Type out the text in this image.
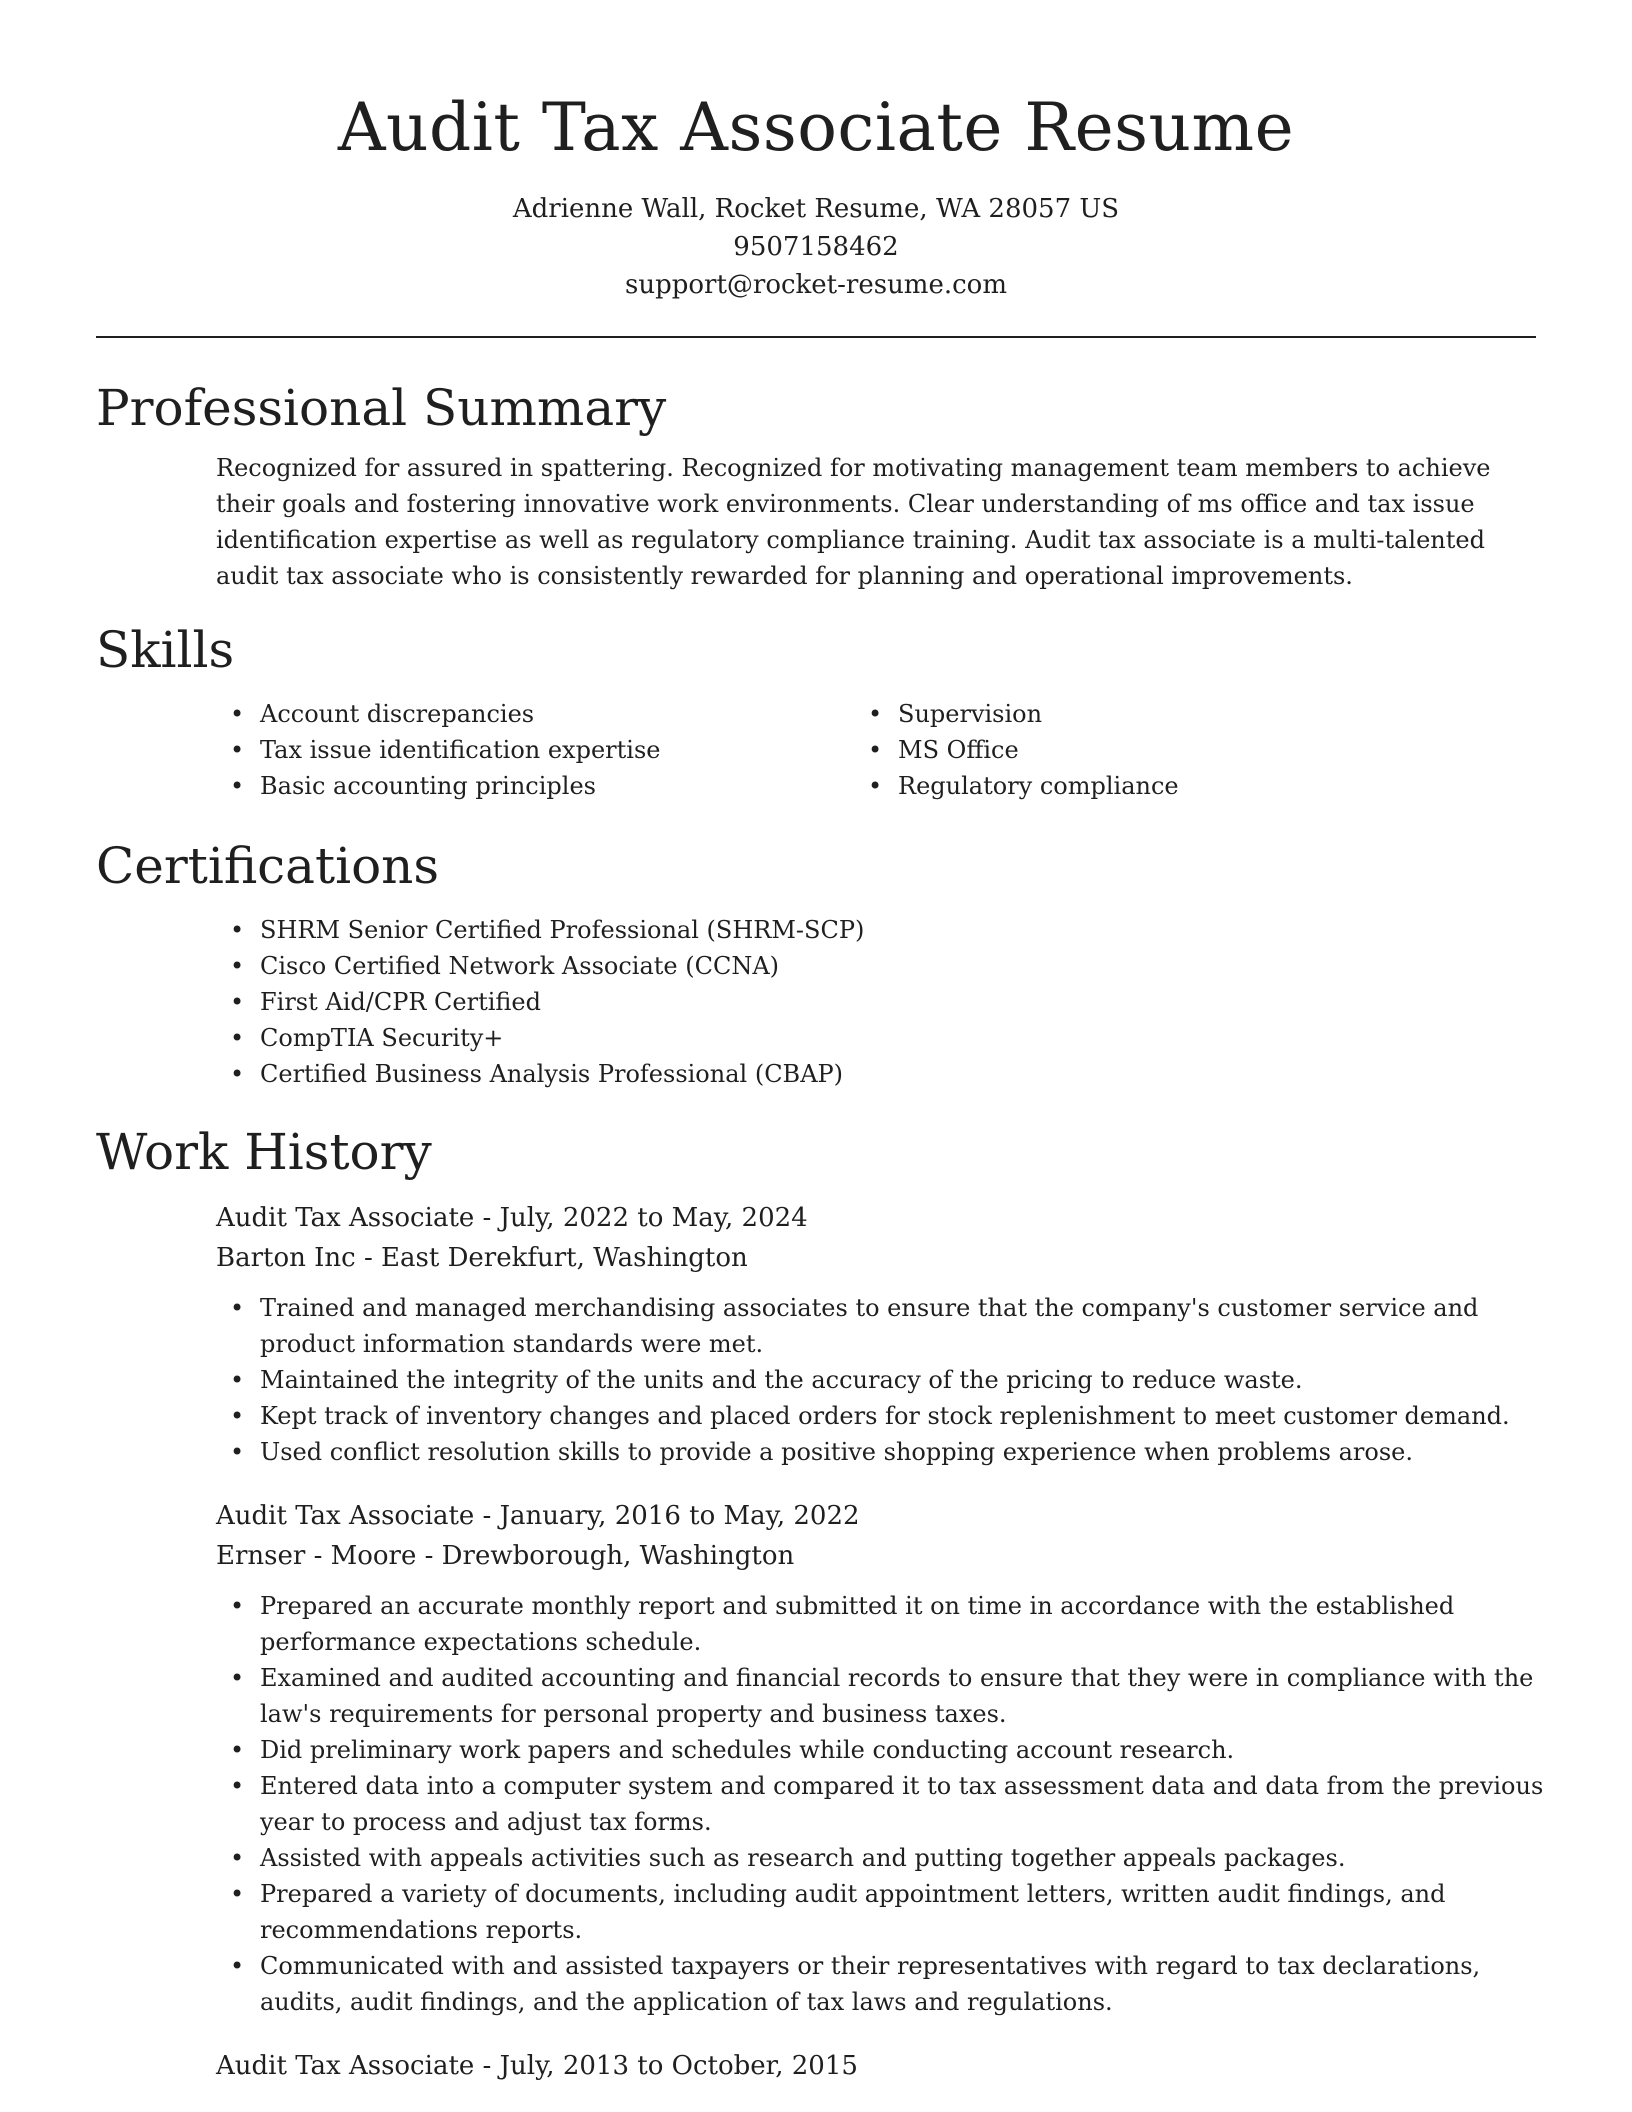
Audit Tax Associate Resume

Adrienne Wall, Rocket Resume, WA 28057 US

9507158462

support@rocket-resume.com

Professional Summary

Recognized for assured in spattering. Recognized for motivating management team members to achieve their goals and fostering innovative work environments. Clear understanding of ms office and tax issue identification expertise as well as regulatory compliance training. Audit tax associate is a multi-talented audit tax associate who is consistently rewarded for planning and operational improvements.

Skills
• Account discrepancies
• Tax issue identification expertise
• Basic accounting principles
• Supervision
• MS Office
• Regulatory compliance
Certifications
• SHRM Senior Certified Professional (SHRM-SCP)
• Cisco Certified Network Associate (CCNA)
• First Aid/CPR Certified
• CompTIA Security+
• Certified Business Analysis Professional (CBAP)
Work History

Audit Tax Associate - July, 2022 to May, 2024

Barton Inc - East Derekfurt, Washington

• Trained and managed merchandising associates to ensure that the company's customer service and product information standards were met.
• Maintained the integrity of the units and the accuracy of the pricing to reduce waste.
• Kept track of inventory changes and placed orders for stock replenishment to meet customer demand.
• Used conflict resolution skills to provide a positive shopping experience when problems arose.

Audit Tax Associate - January, 2016 to May, 2022

Ernser - Moore - Drewborough, Washington

• Prepared an accurate monthly report and submitted it on time in accordance with the established performance expectations schedule.
• Examined and audited accounting and financial records to ensure that they were in compliance with the law's requirements for personal property and business taxes.
• Did preliminary work papers and schedules while conducting account research.
• Entered data into a computer system and compared it to tax assessment data and data from the previous year to process and adjust tax forms.
• Assisted with appeals activities such as research and putting together appeals packages.
• Prepared a variety of documents, including audit appointment letters, written audit findings, and recommendations reports.
• Communicated with and assisted taxpayers or their representatives with regard to tax declarations, audits, audit findings, and the application of tax laws and regulations.

Audit Tax Associate - July, 2013 to October, 2015
